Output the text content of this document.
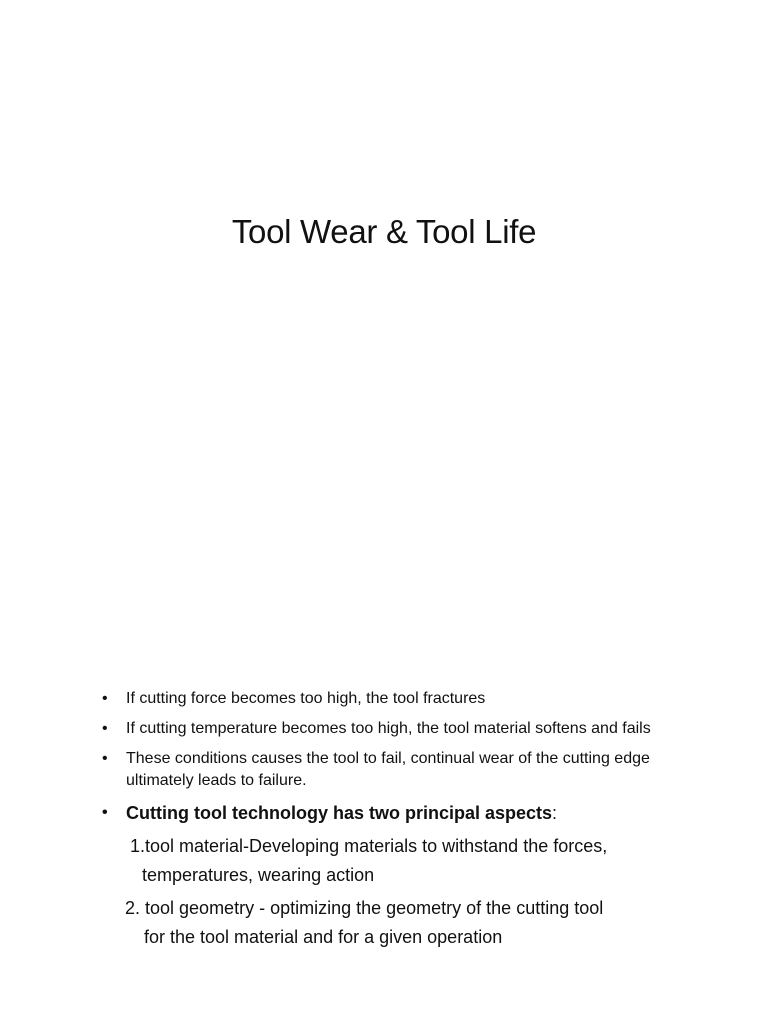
Tool Wear & Tool Life
• If cutting force becomes too high, the tool fractures
• If cutting temperature becomes too high, the tool material softens and fails
• These conditions causes the tool to fail, continual wear of the cutting edge ultimately leads to failure.
• Cutting tool technology has two principal aspects:
1.tool material-Developing materials to withstand the forces,
temperatures, wearing action
2. tool geometry - optimizing the geometry of the cutting tool
for the tool material and for a given operation
